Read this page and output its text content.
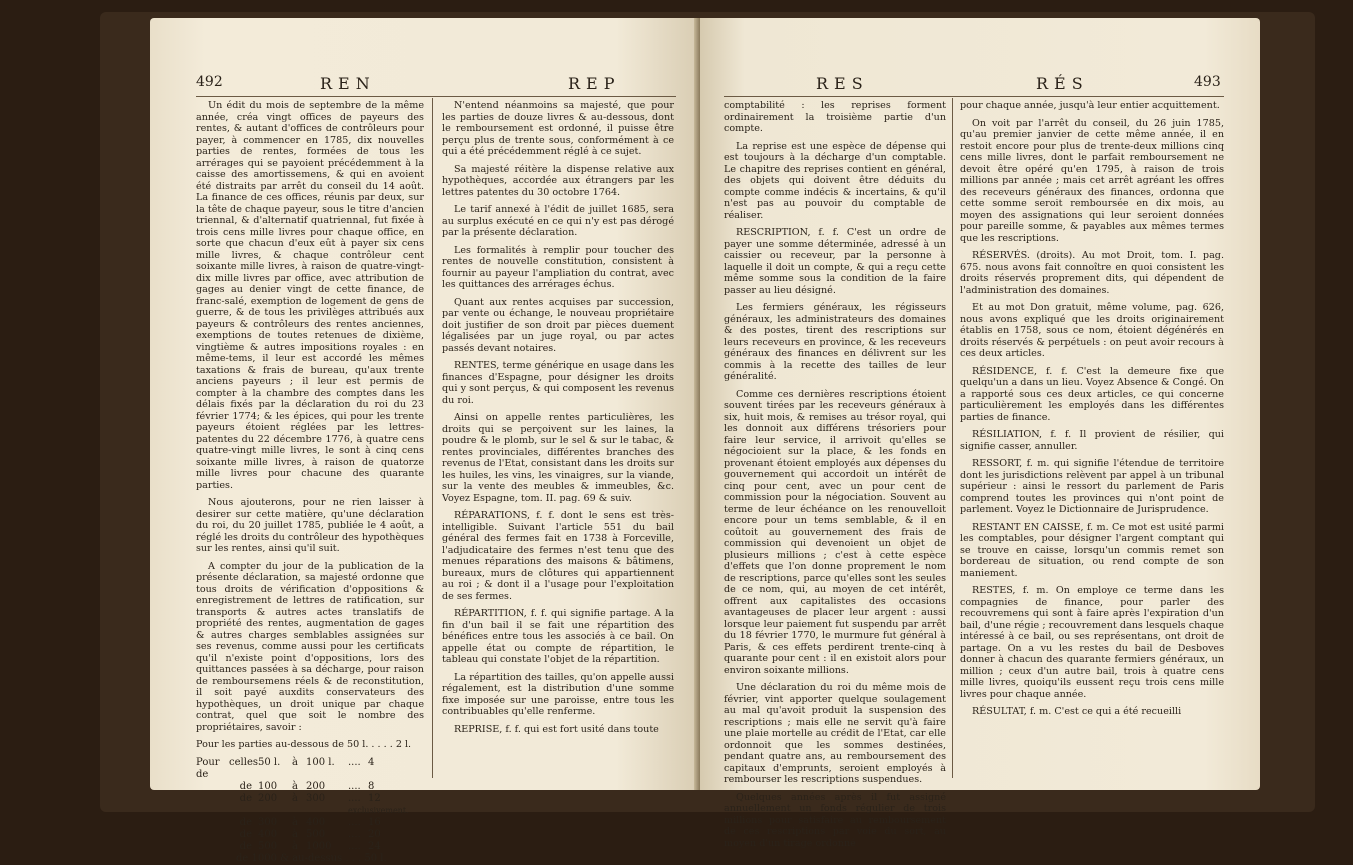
492	REN	REP

Un édit du mois de septembre de la même année, créa vingt offices de payeurs des rentes, & autant d'offices de contrôleurs pour payer, à commencer en 1785, dix nouvelles parties de rentes, formées de tous les arrérages qui se payoient précédemment à la caisse des amortissemens, & qui en avoient été distraits par arrêt du conseil du 14 août. La finance de ces offices, réunis par deux, sur la tête de chaque payeur, sous le titre d'ancien triennal, & d'alternatif quatriennal, fut fixée à trois cens mille livres pour chaque office, en sorte que chacun d'eux eût à payer six cens mille livres, & chaque contrôleur cent soixante mille livres, à raison de quatre-vingt-dix mille livres par office, avec attribution de gages au denier vingt de cette finance, de franc-salé, exemption de logement de gens de guerre, & de tous les privilèges attribués aux payeurs & contrôleurs des rentes anciennes, exemptions de toutes retenues de dixième, vingtième & autres impositions royales : en même-tems, il leur est accordé les mêmes taxations & frais de bureau, qu'aux trente anciens payeurs ; il leur est permis de compter à la chambre des comptes dans les délais fixés par la déclaration du roi du 23 février 1774; & les épices, qui pour les trente payeurs étoient réglées par les lettres-patentes du 22 décembre 1776, à quatre cens quatre-vingt mille livres, le sont à cinq cens soixante mille livres, à raison de quatorze mille livres pour chacune des quarante parties.

Nous ajouterons, pour ne rien laisser à desirer sur cette matière, qu'une déclaration du roi, du 20 juillet 1785, publiée le 4 août, a réglé les droits du contrôleur des hypothèques sur les rentes, ainsi qu'il suit.

A compter du jour de la publication de la présente déclaration, sa majesté ordonne que tous droits de vérification d'oppositions & enregistrement de lettres de ratification, sur transports & autres actes translatifs de propriété des rentes, augmentation de gages & autres charges semblables assignées sur ses revenus, comme aussi pour les certificats qu'il n'existe point d'oppositions, lors des quittances passées à sa décharge, pour raison de remboursemens réels & de reconstitution, il soit payé auxdits conservateurs des hypothèques, un droit unique par chaque contrat, quel que soit le nombre des propriétaires, savoir :

Pour les parties au-dessous de 50 l. . . . . 2 l.

Pour celles de
50 l.	à 100 l.	.... 4
de 100	à 200	.... 8
de 200	à 300	.... 12
exclusivement.
de 300	à 400	.... 16
de 400	à 500	.... 20
de 500	à 1000	.... 24
de 1000 & au-dessus . . . 50 l.

N'entend néanmoins sa majesté, que pour les parties de douze livres & au-dessous, dont le remboursement est ordonné, il puisse être perçu plus de trente sous, conformément à ce qui a été précédemment réglé à ce sujet.

Sa majesté réitère la dispense relative aux hypothèques, accordée aux étrangers par les lettres patentes du 30 octobre 1764.

Le tarif annexé à l'édit de juillet 1685, sera au surplus exécuté en ce qui n'y est pas dérogé par la présente déclaration.

Les formalités à remplir pour toucher des rentes de nouvelle constitution, consistent à fournir au payeur l'ampliation du contrat, avec les quittances des arrérages échus.

Quant aux rentes acquises par succession, par vente ou échange, le nouveau propriétaire doit justifier de son droit par pièces duement légalisées par un juge royal, ou par actes passés devant notaires.

RENTES, terme générique en usage dans les finances d'Espagne, pour désigner les droits qui y sont perçus, & qui composent les revenus du roi.

Ainsi on appelle rentes particulières, les droits qui se perçoivent sur les laines, la poudre & le plomb, sur le sel & sur le tabac, & rentes provinciales, différentes branches des revenus de l'Etat, consistant dans les droits sur les huiles, les vins, les vinaigres, sur la viande, sur la vente des meubles & immeubles, &c. Voyez Espagne, tom. II. pag. 69 & suiv.

RÉPARATIONS, f. f. dont le sens est très-intelligible. Suivant l'article 551 du bail général des fermes fait en 1738 à Forceville, l'adjudicataire des fermes n'est tenu que des menues réparations des maisons & bâtimens, bureaux, murs de clôtures qui appartiennent au roi ; & dont il a l'usage pour l'exploitation de ses fermes.

RÉPARTITION, f. f. qui signifie partage. A la fin d'un bail il se fait une répartition des bénéfices entre tous les associés à ce bail. On appelle état ou compte de répartition, le tableau qui constate l'objet de la répartition.

La répartition des tailles, qu'on appelle aussi régalement, est la distribution d'une somme fixe imposée sur une paroisse, entre tous les contribuables qu'elle renferme.

REPRISE, f. f. qui est fort usité dans toute

RES	RÉS	493

comptabilité : les reprises forment ordinairement la troisième partie d'un compte.

La reprise est une espèce de dépense qui est toujours à la décharge d'un comptable. Le chapitre des reprises contient en général, des objets qui doivent être déduits du compte comme indécis & incertains, & qu'il n'est pas au pouvoir du comptable de réaliser.

RESCRIPTION, f. f. C'est un ordre de payer une somme déterminée, adressé à un caissier ou receveur, par la personne à laquelle il doit un compte, & qui a reçu cette même somme sous la condition de la faire passer au lieu désigné.

Les fermiers généraux, les régisseurs généraux, les administrateurs des domaines & des postes, tirent des rescriptions sur leurs receveurs en province, & les receveurs généraux des finances en délivrent sur les commis à la recette des tailles de leur généralité.

Comme ces dernières rescriptions étoient souvent tirées par les receveurs généraux à six, huit mois, & remises au trésor royal, qui les donnoit aux différens trésoriers pour faire leur service, il arrivoit qu'elles se négocioient sur la place, & les fonds en provenant étoient employés aux dépenses du gouvernement qui accordoit un intérêt de cinq pour cent, avec un pour cent de commission pour la négociation. Souvent au terme de leur échéance on les renouvelloit encore pour un tems semblable, & il en coûtoit au gouvernement des frais de commission qui devenoient un objet de plusieurs millions ; c'est à cette espèce d'effets que l'on donne proprement le nom de rescriptions, parce qu'elles sont les seules de ce nom, qui, au moyen de cet intérêt, offrent aux capitalistes des occasions avantageuses de placer leur argent : aussi lorsque leur paiement fut suspendu par arrêt du 18 février 1770, le murmure fut général à Paris, & ces effets perdirent trente-cinq à quarante pour cent : il en existoit alors pour environ soixante millions.

Une déclaration du roi du même mois de février, vint apporter quelque soulagement au mal qu'avoit produit la suspension des rescriptions ; mais elle ne servit qu'à faire une plaie mortelle au crédit de l'Etat, car elle ordonnoit que les sommes destinées, pendant quatre ans, au remboursement des capitaux d'emprunts, seroient employés à rembourser les rescriptions suspendues.

Quelques années après il fut assigné annuellement un fonds régulier de trois millions pour satisfaire au remboursement de ces rescriptions par voie du sort, au moyen d'un tirage ordonné

pour chaque année, jusqu'à leur entier acquittement.

On voit par l'arrêt du conseil, du 26 juin 1785, qu'au premier janvier de cette même année, il en restoit encore pour plus de trente-deux millions cinq cens mille livres, dont le parfait remboursement ne devoit être opéré qu'en 1795, à raison de trois millions par année ; mais cet arrêt agréant les offres des receveurs généraux des finances, ordonna que cette somme seroit remboursée en dix mois, au moyen des assignations qui leur seroient données pour pareille somme, & payables aux mêmes termes que les rescriptions.

RÉSERVÉS. (droits). Au mot Droit, tom. I. pag. 675. nous avons fait connoître en quoi consistent les droits réservés proprement dits, qui dépendent de l'administration des domaines.

Et au mot Don gratuit, même volume, pag. 626, nous avons expliqué que les droits originairement établis en 1758, sous ce nom, étoient dégénérés en droits réservés & perpétuels : on peut avoir recours à ces deux articles.

RÉSIDENCE, f. f. C'est la demeure fixe que quelqu'un a dans un lieu. Voyez Absence & Congé. On a rapporté sous ces deux articles, ce qui concerne particulièrement les employés dans les différentes parties de finance.

RÉSILIATION, f. f. Il provient de résilier, qui signifie casser, annuller.

RESSORT, f. m. qui signifie l'étendue de territoire dont les jurisdictions relèvent par appel à un tribunal supérieur : ainsi le ressort du parlement de Paris comprend toutes les provinces qui n'ont point de parlement. Voyez le Dictionnaire de Jurisprudence.

RESTANT EN CAISSE, f. m. Ce mot est usité parmi les comptables, pour désigner l'argent comptant qui se trouve en caisse, lorsqu'un commis remet son bordereau de situation, ou rend compte de son maniement.

RESTES, f. m. On employe ce terme dans les compagnies de finance, pour parler des recouvremens qui sont à faire après l'expiration d'un bail, d'une régie ; recouvrement dans lesquels chaque intéressé à ce bail, ou ses représentans, ont droit de partage. On a vu les restes du bail de Desboves donner à chacun des quarante fermiers généraux, un million ; ceux d'un autre bail, trois à quatre cens mille livres, quoiqu'ils eussent reçu trois cens mille livres pour chaque année.

RÉSULTAT, f. m. C'est ce qui a été recueilli
